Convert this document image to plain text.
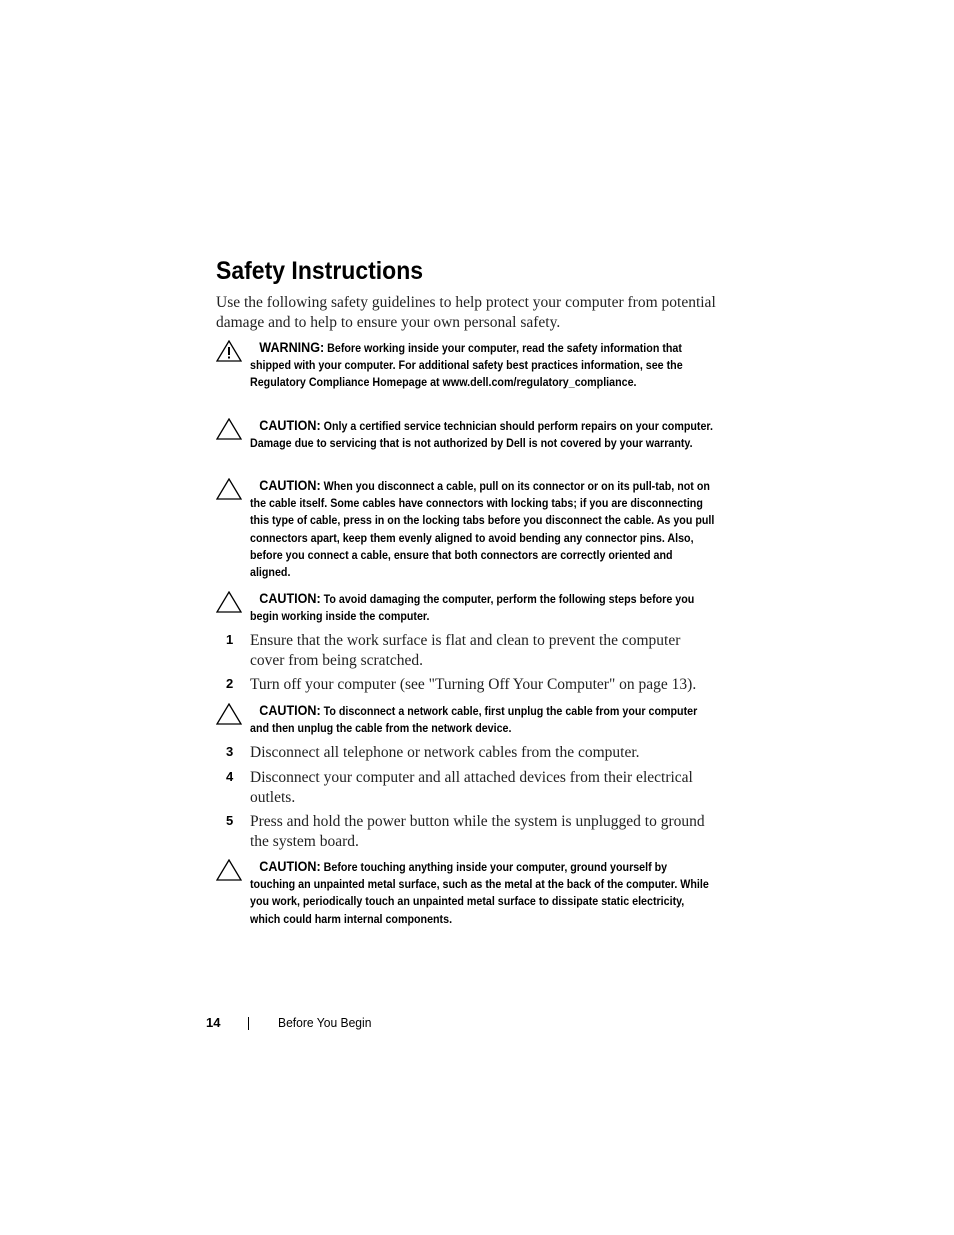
Safety Instructions

Use the following safety guidelines to help protect your computer from potential damage and to help to ensure your own personal safety.

WARNING: Before working inside your computer, read the safety information that shipped with your computer. For additional safety best practices information, see the Regulatory Compliance Homepage at www.dell.com/regulatory_compliance.

CAUTION: Only a certified service technician should perform repairs on your computer. Damage due to servicing that is not authorized by Dell is not covered by your warranty.

CAUTION: When you disconnect a cable, pull on its connector or on its pull-tab, not on the cable itself. Some cables have connectors with locking tabs; if you are disconnecting this type of cable, press in on the locking tabs before you disconnect the cable. As you pull connectors apart, keep them evenly aligned to avoid bending any connector pins. Also, before you connect a cable, ensure that both connectors are correctly oriented and aligned.

CAUTION: To avoid damaging the computer, perform the following steps before you begin working inside the computer.

1 Ensure that the work surface is flat and clean to prevent the computer cover from being scratched.

2 Turn off your computer (see "Turning Off Your Computer" on page 13).

CAUTION: To disconnect a network cable, first unplug the cable from your computer and then unplug the cable from the network device.

3 Disconnect all telephone or network cables from the computer.

4 Disconnect your computer and all attached devices from their electrical outlets.

5 Press and hold the power button while the system is unplugged to ground the system board.

CAUTION: Before touching anything inside your computer, ground yourself by touching an unpainted metal surface, such as the metal at the back of the computer. While you work, periodically touch an unpainted metal surface to dissipate static electricity, which could harm internal components.

14	Before You Begin
